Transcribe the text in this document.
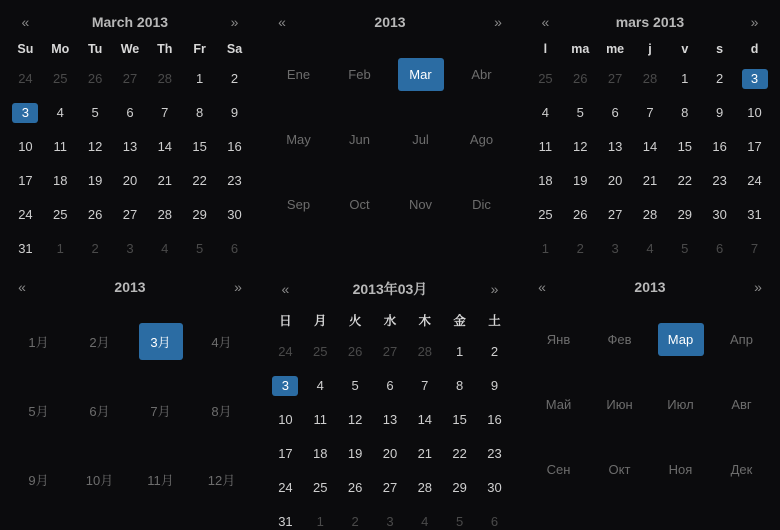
«	March 2013					»
Su	Mo	Tu	We	Th	Fr	Sa

24	25	26	27	28	1	2

3	4	5	6	7	8	9

10	11	12	13	14	15	16

17	18	19	20	21	22	23

24	25	26	27	28	29	30

31	1	2	3	4	5	6
«	2013	»
Ene	Feb	Mar	Abr
May	Jun	Jul	Ago
Sep	Oct	Nov	Dic
«	mars 2013					»
l	ma	me	j	v	s	d

25	26	27	28	1	2	3

4	5	6	7	8	9	10

11	12	13	14	15	16	17

18	19	20	21	22	23	24

25	26	27	28	29	30	31

1	2	3	4	5	6	7
«	2013	»
1月	2月	3月	4月
5月	6月	7月	8月
9月	10月	11月	12月
«	2013年03月					»
日	月	火	水	木	金	土

24	25	26	27	28	1	2

3	4	5	6	7	8	9

10	11	12	13	14	15	16

17	18	19	20	21	22	23

24	25	26	27	28	29	30

31	1	2	3	4	5	6
«	2013	»
Янв	Фев	Мар	Апр
Май	Июн	Июл	Авг
Сен	Окт	Ноя	Дек
